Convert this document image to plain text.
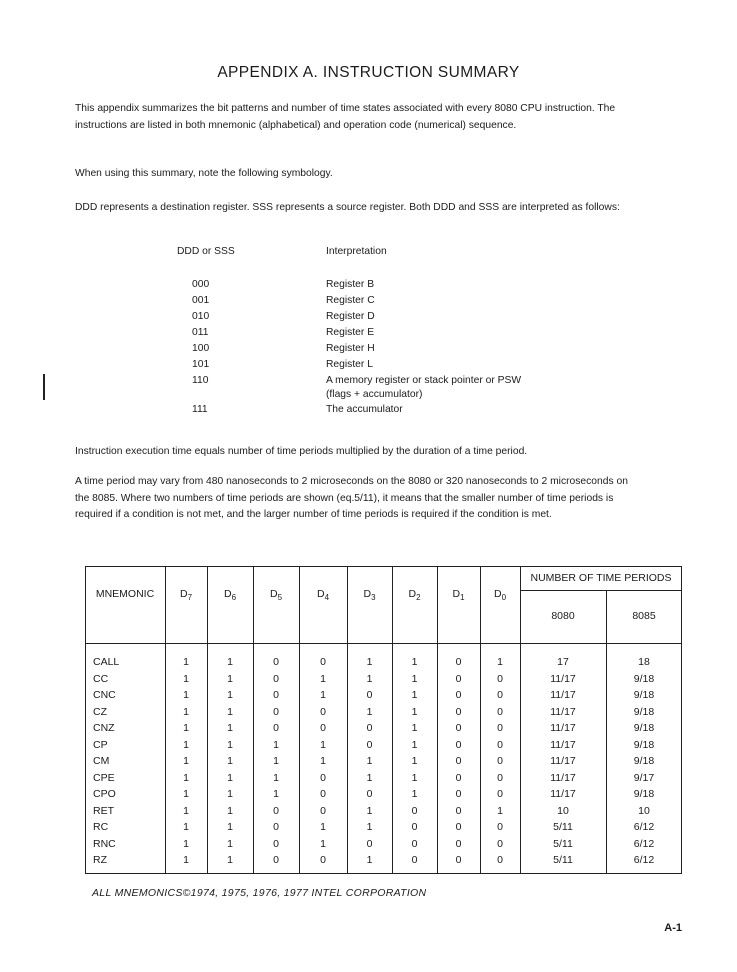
APPENDIX A. INSTRUCTION SUMMARY
This appendix summarizes the bit patterns and number of time states associated with every 8080 CPU instruction. The instructions are listed in both mnemonic (alphabetical) and operation code (numerical) sequence.
When using this summary, note the following symbology.
DDD represents a destination register. SSS represents a source register. Both DDD and SSS are interpreted as follows:
DDD or SSS	Interpretation
000	Register B
001	Register C
010	Register D
011	Register E
100	Register H
101	Register L
110	A memory register or stack pointer or PSW
(flags + accumulator)
111	The accumulator
Instruction execution time equals number of time periods multiplied by the duration of a time period.
A time period may vary from 480 nanoseconds to 2 microseconds on the 8080 or 320 nanoseconds to 2 microseconds on the 8085. Where two numbers of time periods are shown (eq.5/11), it means that the smaller number of time periods is required if a condition is not met, and the larger number of time periods is required if the condition is met.
MNEMONIC	$D_7$	$D_6$	$D_5$	$D_4$	$D_3$	$D_2$	$D_1$	$D_0$
NUMBER OF TIME PERIODS
8080	8085
CALL	1	1	0	0	1	1	0	1	17	18
CC	1	1	0	1	1	1	0	0	11/17	9/18
CNC	1	1	0	1	0	1	0	0	11/17	9/18
CZ	1	1	0	0	1	1	0	0	11/17	9/18
CNZ	1	1	0	0	0	1	0	0	11/17	9/18
CP	1	1	1	1	0	1	0	0	11/17	9/18
CM	1	1	1	1	1	1	0	0	11/17	9/18
CPE	1	1	1	0	1	1	0	0	11/17	9/17
CPO	1	1	1	0	0	1	0	0	11/17	9/18
RET	1	1	0	0	1	0	0	1	10	10
RC	1	1	0	1	1	0	0	0	5/11	6/12
RNC	1	1	0	1	0	0	0	0	5/11	6/12
RZ	1	1	0	0	1	0	0	0	5/11	6/12
ALL MNEMONICS©1974, 1975, 1976, 1977 INTEL CORPORATION
A-1
